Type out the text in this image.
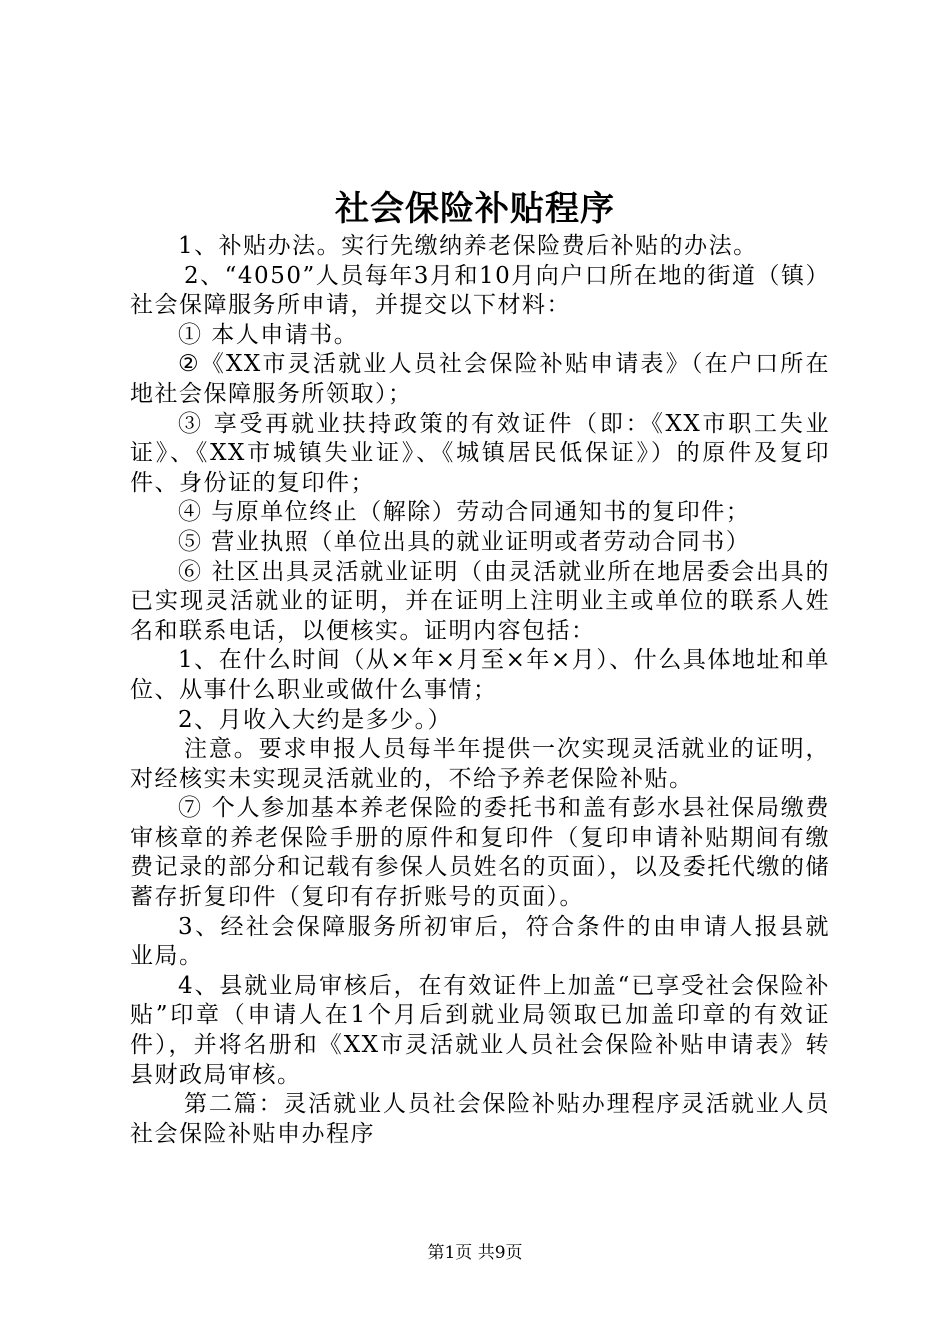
社会保险补贴程序

1、补贴办法。实行先缴纳养老保险费后补贴的办法。

2、“4050”人员每年3月和10月向户口所在地的街道（镇）社会保障服务所申请，并提交以下材料：

① 本人申请书。

②《XX市灵活就业人员社会保险补贴申请表》（在户口所在地社会保障服务所领取）；

③ 享受再就业扶持政策的有效证件（即：《XX市职工失业证》、《XX市城镇失业证》、《城镇居民低保证》）的原件及复印件、身份证的复印件；

④ 与原单位终止（解除）劳动合同通知书的复印件；

⑤ 营业执照（单位出具的就业证明或者劳动合同书）

⑥ 社区出具灵活就业证明（由灵活就业所在地居委会出具的已实现灵活就业的证明，并在证明上注明业主或单位的联系人姓名和联系电话，以便核实。证明内容包括：

1、在什么时间（从×年×月至×年×月）、什么具体地址和单位、从事什么职业或做什么事情；

2、月收入大约是多少。）

注意。要求申报人员每半年提供一次实现灵活就业的证明，对经核实未实现灵活就业的，不给予养老保险补贴。

⑦ 个人参加基本养老保险的委托书和盖有彭水县社保局缴费审核章的养老保险手册的原件和复印件（复印申请补贴期间有缴费记录的部分和记载有参保人员姓名的页面），以及委托代缴的储蓄存折复印件（复印有存折账号的页面）。

3、经社会保障服务所初审后，符合条件的由申请人报县就业局。

4、县就业局审核后，在有效证件上加盖“已享受社会保险补贴”印章（申请人在1个月后到就业局领取已加盖印章的有效证件），并将名册和《XX市灵活就业人员社会保险补贴申请表》转县财政局审核。

第二篇：灵活就业人员社会保险补贴办理程序灵活就业人员社会保险补贴申办程序

第1页 共9页
